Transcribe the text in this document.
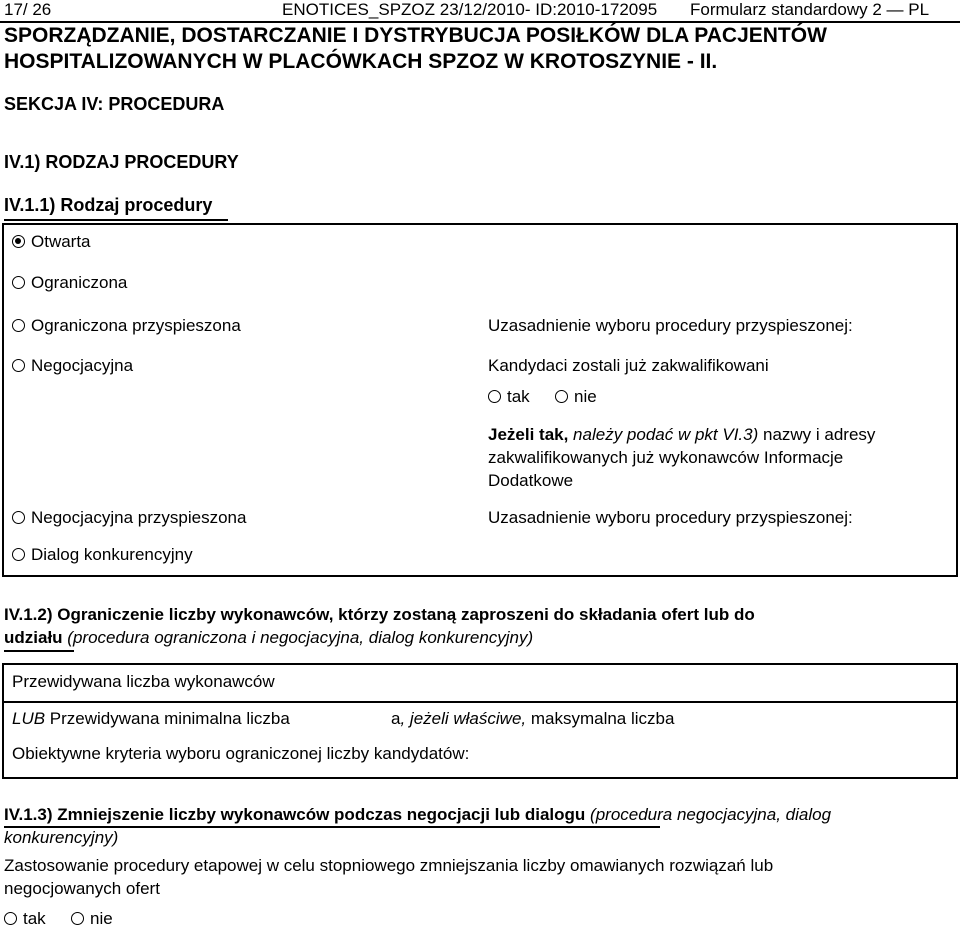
17/ 26	ENOTICES_SPZOZ 23/12/2010- ID:2010-172095 Formularz standardowy 2 — PL
SPORZĄDZANIE, DOSTARCZANIE I DYSTRYBUCJA POSIŁKÓW DLA PACJENTÓW
HOSPITALIZOWANYCH W PLACÓWKACH SPZOZ W KROTOSZYNIE - II.
SEKCJA IV: PROCEDURA
IV.1) RODZAJ PROCEDURY
IV.1.1) Rodzaj procedury
Otwarta
Ograniczona
Ograniczona przyspieszona	Uzasadnienie wyboru procedury przyspieszonej:
Negocjacyjna	Kandydaci zostali już zakwalifikowani
tak	nie
Jeżeli tak, należy podać w pkt VI.3) nazwy i adresy
zakwalifikowanych już wykonawców Informacje
Dodatkowe
Negocjacyjna przyspieszona	Uzasadnienie wyboru procedury przyspieszonej:
Dialog konkurencyjny
IV.1.2) Ograniczenie liczby wykonawców, którzy zostaną zaproszeni do składania ofert lub do
udziału (procedura ograniczona i negocjacyjna, dialog konkurencyjny)
Przewidywana liczba wykonawców
LUB Przewidywana minimalna liczba	a, jeżeli właściwe, maksymalna liczba
Obiektywne kryteria wyboru ograniczonej liczby kandydatów:
IV.1.3) Zmniejszenie liczby wykonawców podczas negocjacji lub dialogu (procedura negocjacyjna, dialog
konkurencyjny)
Zastosowanie procedury etapowej w celu stopniowego zmniejszania liczby omawianych rozwiązań lub
negocjowanych ofert
tak	nie
